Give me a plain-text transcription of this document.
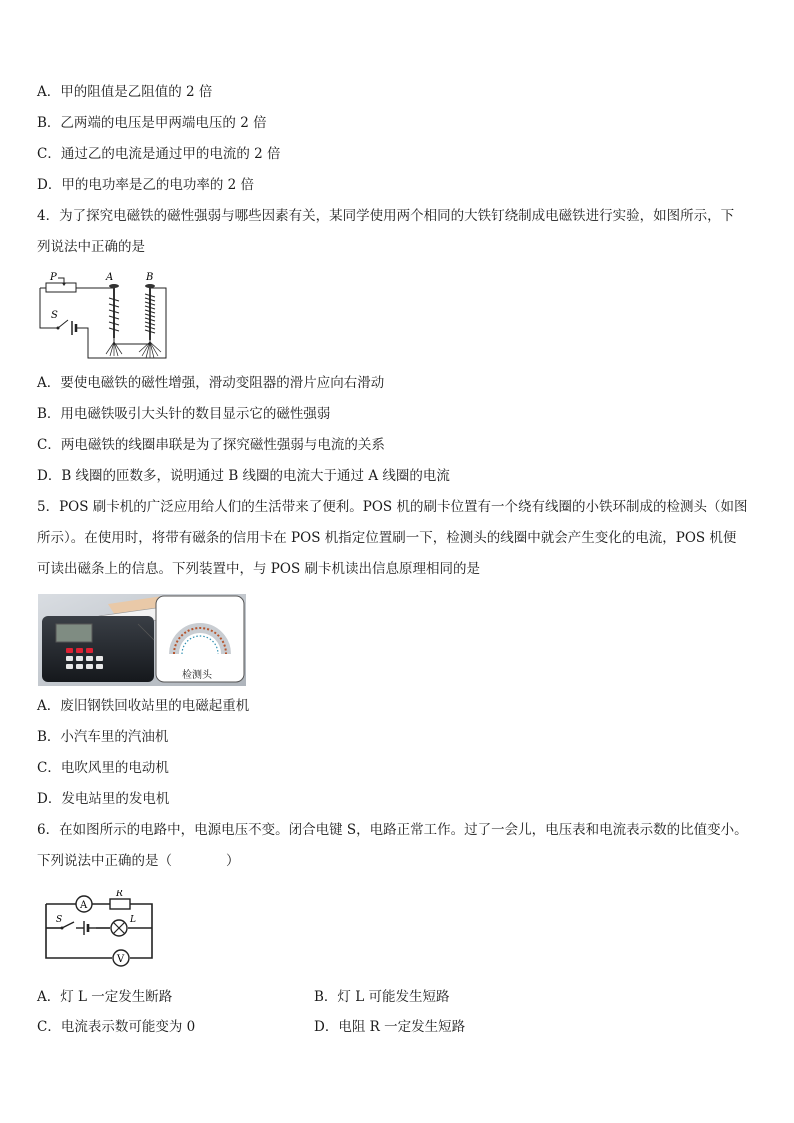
A．甲的阻值是乙阻值的 2 倍
B．乙两端的电压是甲两端电压的 2 倍
C．通过乙的电流是通过甲的电流的 2 倍
D．甲的电功率是乙的电功率的 2 倍
4．为了探究电磁铁的磁性强弱与哪些因素有关，某同学使用两个相同的大铁钉绕制成电磁铁进行实验，如图所示，下
列说法中正确的是
P
S
A	B
A．要使电磁铁的磁性增强，滑动变阻器的滑片应向右滑动
B．用电磁铁吸引大头针的数目显示它的磁性强弱
C．两电磁铁的线圈串联是为了探究磁性强弱与电流的关系
D．B 线圈的匝数多，说明通过 B 线圈的电流大于通过 A 线圈的电流
5．POS 刷卡机的广泛应用给人们的生活带来了便利。POS 机的刷卡位置有一个绕有线圈的小铁环制成的检测头（如图
所示）。在使用时，将带有磁条的信用卡在 POS 机指定位置刷一下，检测头的线圈中就会产生变化的电流，POS 机便
可读出磁条上的信息。下列装置中，与 POS 刷卡机读出信息原理相同的是
检测头
A．废旧钢铁回收站里的电磁起重机
B．小汽车里的汽油机
C．电吹风里的电动机
D．发电站里的发电机
6．在如图所示的电路中，电源电压不变。闭合电键 S，电路正常工作。过了一会儿，电压表和电流表示数的比值变小。
下列说法中正确的是（　　　　）
A
R
S	L
V
A．灯 L 一定发生断路	B．灯 L 可能发生短路
C．电流表示数可能变为 0	D．电阻 R 一定发生短路
